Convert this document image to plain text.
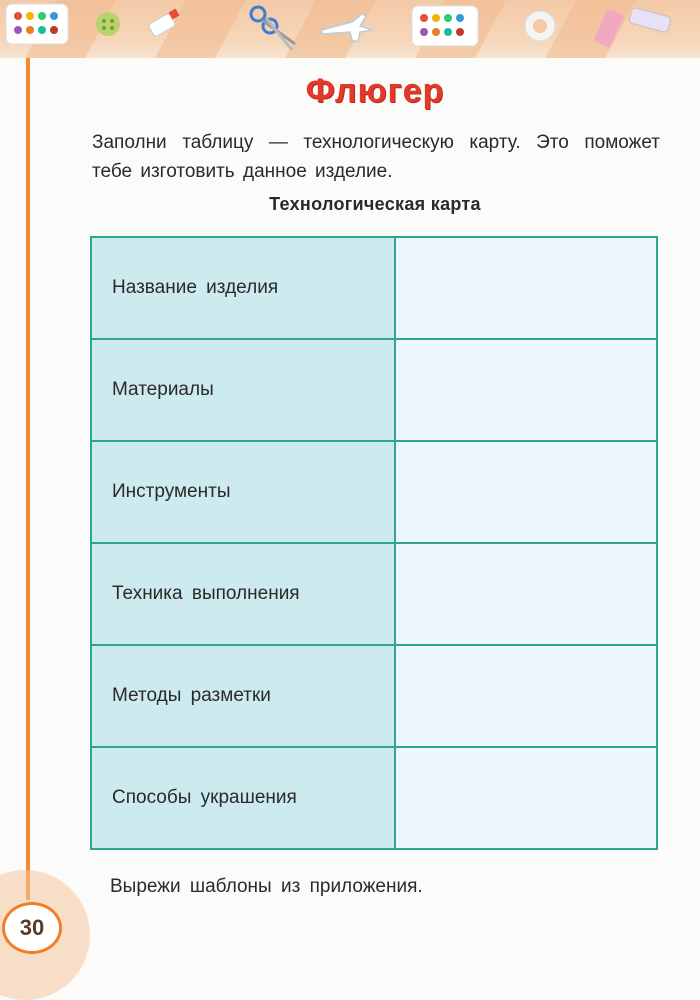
Флюгер
Заполни таблицу — технологическую карту. Это поможет тебе изготовить данное изделие.
Технологическая карта
Название изделия	
Материалы	
Инструменты	
Техника выполнения	
Методы разметки	
Способы украшения	
Вырежи шаблоны из приложения.
30
